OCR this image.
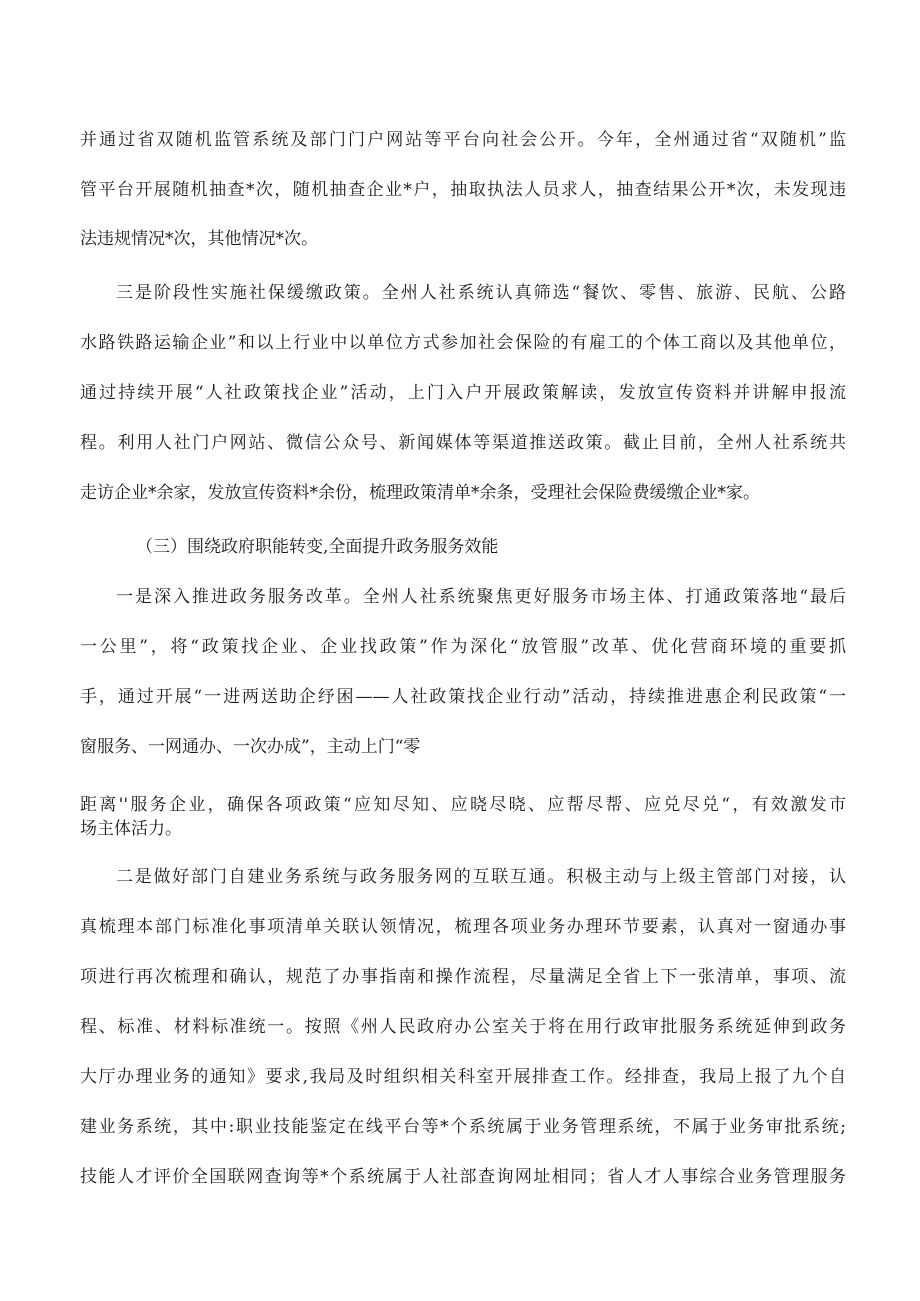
并通过省双随机监管系统及部门门户网站等平台向社会公开。今年，全州通过省“双随机”监
管平台开展随机抽查*次，随机抽查企业*户，抽取执法人员求人，抽查结果公开*次，未发现违
法违规情况*次，其他情况*次。
三是阶段性实施社保缓缴政策。全州人社系统认真筛选“餐饮、零售、旅游、民航、公路
水路铁路运输企业”和以上行业中以单位方式参加社会保险的有雇工的个体工商以及其他单位，
通过持续开展“人社政策找企业”活动，上门入户开展政策解读，发放宣传资料并讲解申报流
程。利用人社门户网站、微信公众号、新闻媒体等渠道推送政策。截止目前，全州人社系统共
走访企业*余家，发放宣传资料*余份，梳理政策清单*余条，受理社会保险费缓缴企业*家。
（三）围绕政府职能转变,全面提升政务服务效能
一是深入推进政务服务改革。全州人社系统聚焦更好服务市场主体、打通政策落地“最后
一公里”，将“政策找企业、企业找政策”作为深化“放管服”改革、优化营商环境的重要抓
手，通过开展“一进两送助企纾困——人社政策找企业行动”活动，持续推进惠企利民政策“一
窗服务、一网通办、一次办成”，主动上门“零
距离''服务企业，确保各项政策“应知尽知、应晓尽晓、应帮尽帮、应兑尽兑“，有效激发市
场主体活力。
二是做好部门自建业务系统与政务服务网的互联互通。积极主动与上级主管部门对接，认
真梳理本部门标准化事项清单关联认领情况，梳理各项业务办理环节要素，认真对一窗通办事
项进行再次梳理和确认，规范了办事指南和操作流程，尽量满足全省上下一张清单，事项、流
程、标准、材料标准统一。按照《州人民政府办公室关于将在用行政审批服务系统延伸到政务
大厅办理业务的通知》要求,我局及时组织相关科室开展排查工作。经排查，我局上报了九个自
建业务系统，其中:职业技能鉴定在线平台等*个系统属于业务管理系统，不属于业务审批系统;
技能人才评价全国联网查询等*个系统属于人社部查询网址相同；省人才人事综合业务管理服务
